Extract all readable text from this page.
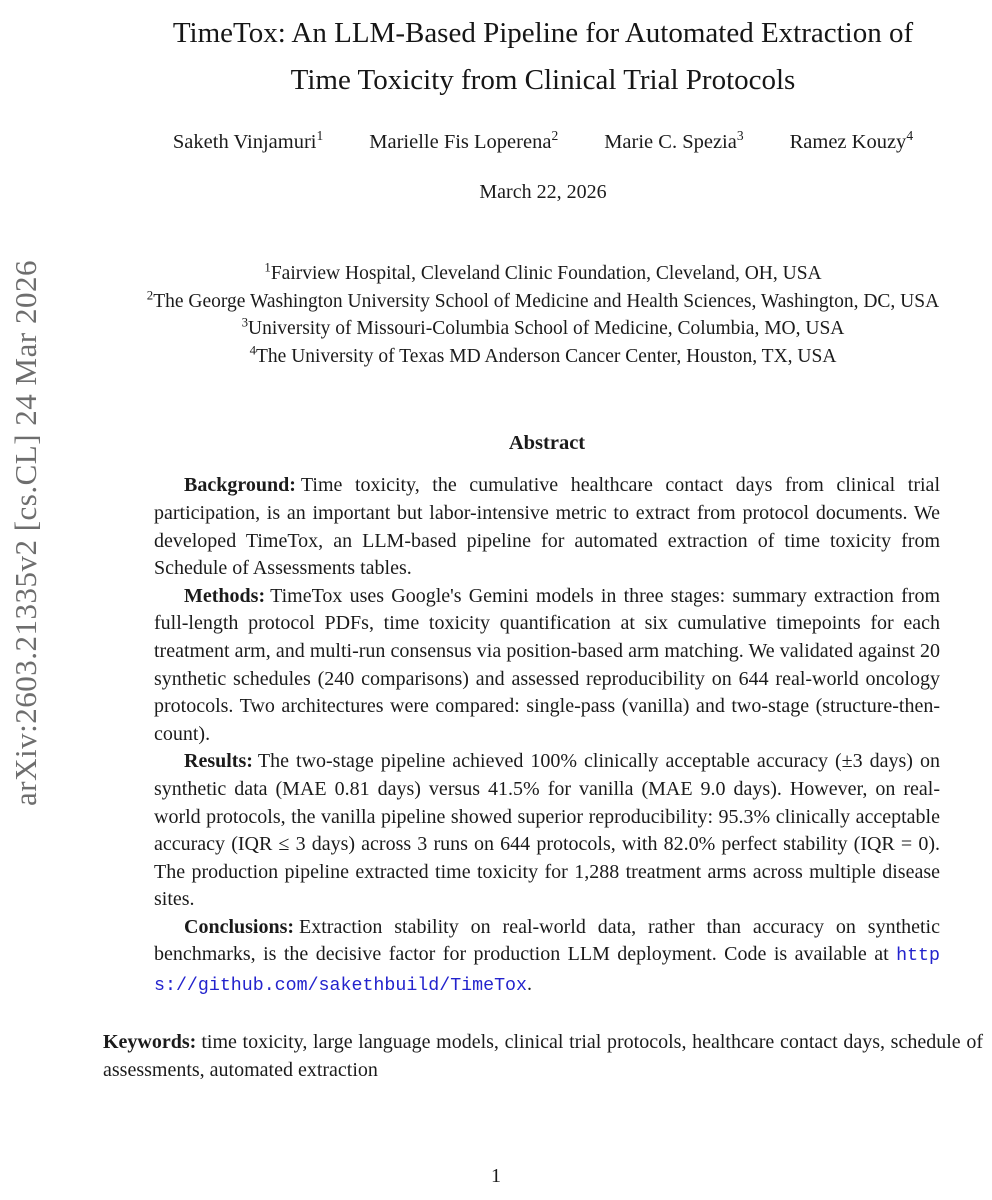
arXiv:2603.21335v2 [cs.CL] 24 Mar 2026
TimeTox: An LLM-Based Pipeline for Automated Extraction of
Time Toxicity from Clinical Trial Protocols
Saketh Vinjamuri$^1$ Marielle Fis Loperena$^2$ Marie C. Spezia$^3$ Ramez Kouzy$^4$
March 22, 2026
$^1$Fairview Hospital, Cleveland Clinic Foundation, Cleveland, OH, USA
$^2$The George Washington University School of Medicine and Health Sciences, Washington, DC, USA
$^3$University of Missouri-Columbia School of Medicine, Columbia, MO, USA
$^4$The University of Texas MD Anderson Cancer Center, Houston, TX, USA
Abstract

Background: Time toxicity, the cumulative healthcare contact days from clinical trial participation, is an important but labor-intensive metric to extract from protocol documents. We developed TimeTox, an LLM-based pipeline for automated extraction of time toxicity from Schedule of Assessments tables.

Methods: TimeTox uses Google's Gemini models in three stages: summary extraction from full-length protocol PDFs, time toxicity quantification at six cumulative timepoints for each treatment arm, and multi-run consensus via position-based arm matching. We validated against 20 synthetic schedules (240 comparisons) and assessed reproducibility on 644 real-world oncology protocols. Two architectures were compared: single-pass (vanilla) and two-stage (structure-then-count).

Results: The two-stage pipeline achieved 100% clinically acceptable accuracy (±3 days) on synthetic data (MAE 0.81 days) versus 41.5% for vanilla (MAE 9.0 days). However, on real-world protocols, the vanilla pipeline showed superior reproducibility: 95.3% clinically acceptable accuracy (IQR ≤ 3 days) across 3 runs on 644 protocols, with 82.0% perfect stability (IQR = 0). The production pipeline extracted time toxicity for 1,288 treatment arms across multiple disease sites.

Conclusions: Extraction stability on real-world data, rather than accuracy on synthetic benchmarks, is the decisive factor for production LLM deployment. Code is available at https://github.com/sakethbuild/TimeTox.

Keywords: time toxicity, large language models, clinical trial protocols, healthcare contact days, schedule of assessments, automated extraction

1
